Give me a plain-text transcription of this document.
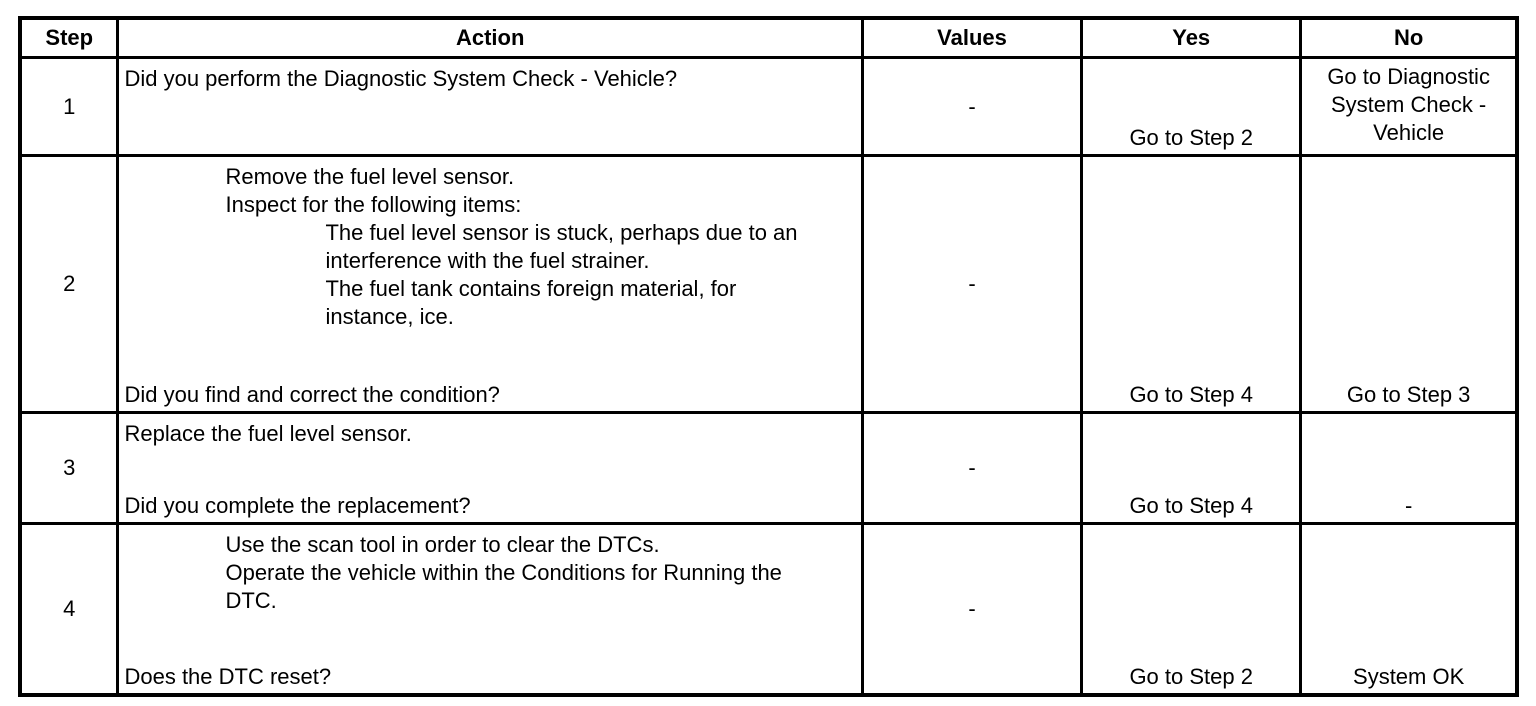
Step	Action	Values	Yes	No
1	Did you perform the Diagnostic System Check - Vehicle?	-	Go to Step 2	Go to Diagnostic System Check - Vehicle
2	Remove the fuel level sensor.
Inspect for the following items:
The fuel level sensor is stuck, perhaps due to an interference with the fuel strainer.
The fuel tank contains foreign material, for instance, ice.
Did you find and correct the condition?	-	Go to Step 4	Go to Step 3
3	Replace the fuel level sensor.
Did you complete the replacement?	-	Go to Step 4	-
4	Use the scan tool in order to clear the DTCs.
Operate the vehicle within the Conditions for Running the DTC.
Does the DTC reset?	-	Go to Step 2	System OK
